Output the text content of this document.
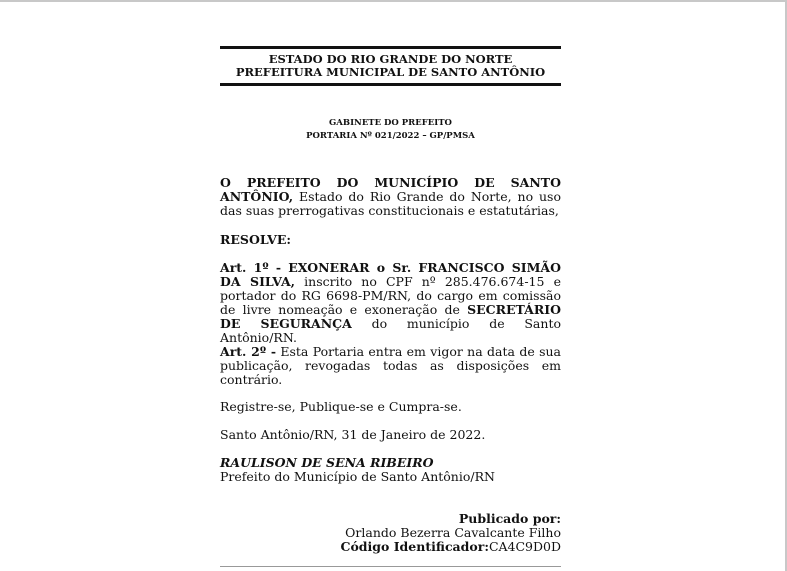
ESTADO DO RIO GRANDE DO NORTE
PREFEITURA MUNICIPAL DE SANTO ANTÔNIO
GABINETE DO PREFEITO
PORTARIA Nº 021/2022 – GP/PMSA
O PREFEITO DO MUNICÍPIO DE SANTO ANTÔNIO, Estado do Rio Grande do Norte, no uso das suas prerrogativas constitucionais e estatutárias,
RESOLVE:
Art. 1º - EXONERAR o Sr. FRANCISCO SIMÃO DA SILVA, inscrito no CPF nº 285.476.674-15 e portador do RG 6698-PM/RN, do cargo em comissão de livre nomeação e exoneração de SECRETÁRIO DE SEGURANÇA do município de Santo Antônio/RN.
Art. 2º - Esta Portaria entra em vigor na data de sua publicação, revogadas todas as disposições em contrário.
Registre-se, Publique-se e Cumpra-se.
Santo Antônio/RN, 31 de Janeiro de 2022.
RAULISON DE SENA RIBEIRO
Prefeito do Município de Santo Antônio/RN
Publicado por:
Orlando Bezerra Cavalcante Filho
Código Identificador:CA4C9D0D
